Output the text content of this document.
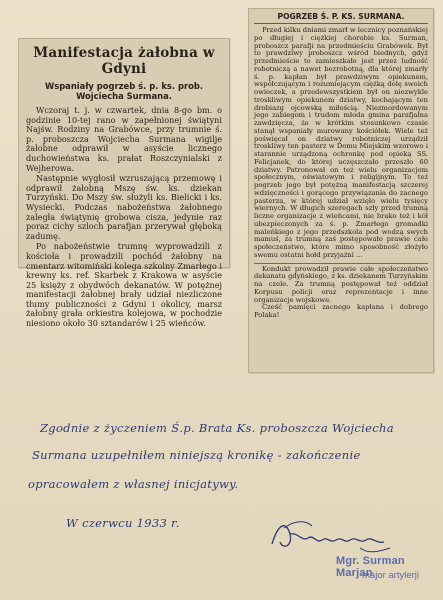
Manifestacja żałobna w Gdyni
Wspaniały pogrzeb ś. p. ks. prob. Wojciecha Surmana.

Wczoraj t. j. w czwartek, dnia 8-go bm. o godzinie 10-tej rano w zapełnionej świątyni Najśw. Rodziny na Grabówce, przy trumnie ś. p. proboszcza Wojciecha Surmana wigilje żałobne odprawił w asyście licznego duchowieństwa ks. prałat Roszczynialski z Wejherowa.

Następnie wygłosił wzruszającą przemowę i odprawił żałobną Mszę św. ks. dziekan Turzyński. Do Mszy św. służyli ks. Bielicki i ks. Wysiecki. Podczas nabożeństwa żałobnego zaległa świątynię grobowa cisza, jedynie raz poraz cichy szloch parafjan przerywał głęboką zadumę.

Po nabożeństwie trumnę wyprowadzili z kościoła i prowadzili pochód żałobny na cmentarz witomiński kolega szkolny Zmarłego i krewny ks. ref. Skarbek z Krakowa w asyście 25 księży z obydwóch dekanatów. W potężnej manifestacji żałobnej brały udział niezliczone tłumy publiczności z Gdyni i okolicy, marsz żałobny grała orkiestra kolejowa, w pochodzie niesiono około 30 sztandarów i 25 wieńców.

POGRZEB Ś. P. KS. SURMANA.

Przed kilku dniami zmarł w lecznicy poznańskiej po długiej i ciężkiej chorobie ks. Surman, proboszcz parafji na przedmieściu Grabówek. Był to prawdziwy proboszcz wśród biednych, gdyż przedmieście to zamieszkałe jest przez ludność robotniczą a nawet bezrobotną, dla której zmarły ś. p. kapłan był prawdziwym opiekunem, współczującym i rozumiejącym ciężką dolę swoich owieczek, a przedewszystkiem był on niezwykle troskliwym opiekunem dziatwy, kochającym ten drobiazg ojcowską miłością. Niezmordowanym jego zabiegom i trudom młoda gmina parafjalna zawdzięcza, że w krótkim stosunkowo czasie stanął wspaniały murowany kościółek. Wiele też poświęcał on dziatwy robotniczej urządził troskliwy ten pasterz w Domu Miejskim wzorowo i starannie urządzoną ochronkę pod opieką SS. Felicjanek, do której uczęszczało przeszło 60 dziatwy. Patronował on też wielu organizacjom społecznym, oświatowym i religijnym. To też pogrzeb jego był potężną manifestacją szczerej wdzięczności i gorącego przywiązania do zacnego pasterza, w której udział wzięło wielu tysięcy wiernych. W długich szeregach szły przed trumną liczne organizacje z wieńcami, nie brako też i kół ubezpieczonych za ś. p. Zmarłego gromadki maleńkiego z jego przedszkola pod wodzą swych mamuś, za trumną zaś postępowało prawie całe społeczeństwo, które mimo sposobność złożyło swemu ostatni hołd przyjaźni ...

Kondukt prowadził prawie całe społeczeństwo dekanatu gdyńskiego, z ks. dziekanem Turzyńskim na czele. Za trumną postępował też oddział Korpusu policji oraz reprezentacje i inne organizacje wojskowe.

Cześć pamięci zacnego kapłana i dobrego Polaka!

Zgodnie z życzeniem Ś.p. Brata Ks. proboszcza Wojciecha
Surmana uzupełniłem niniejszą kronikę - zakończenie
opracowałem z własnej inicjatywy.
W czerwcu 1933 r.
Mgr. Surman Marjan
major artylerji
